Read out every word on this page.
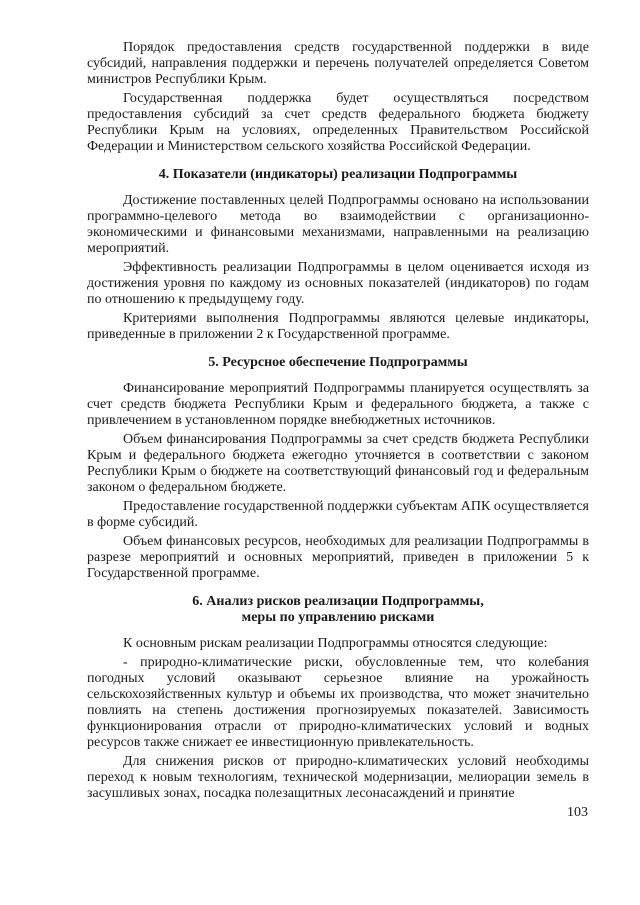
Порядок предоставления средств государственной поддержки в виде субсидий, направления поддержки и перечень получателей определяется Советом министров Республики Крым.

Государственная поддержка будет осуществляться посредством предоставления субсидий за счет средств федерального бюджета бюджету Республики Крым на условиях, определенных Правительством Российской Федерации и Министерством сельского хозяйства Российской Федерации.

4. Показатели (индикаторы) реализации Подпрограммы

Достижение поставленных целей Подпрограммы основано на использовании программно-целевого метода во взаимодействии с организационно-экономическими и финансовыми механизмами, направленными на реализацию мероприятий.

Эффективность реализации Подпрограммы в целом оценивается исходя из достижения уровня по каждому из основных показателей (индикаторов) по годам по отношению к предыдущему году.

Критериями выполнения Подпрограммы являются целевые индикаторы, приведенные в приложении 2 к Государственной программе.

5. Ресурсное обеспечение Подпрограммы

Финансирование мероприятий Подпрограммы планируется осуществлять за счет средств бюджета Республики Крым и федерального бюджета, а также с привлечением в установленном порядке внебюджетных источников.

Объем финансирования Подпрограммы за счет средств бюджета Республики Крым и федерального бюджета ежегодно уточняется в соответствии с законом Республики Крым о бюджете на соответствующий финансовый год и федеральным законом о федеральном бюджете.

Предоставление государственной поддержки субъектам АПК осуществляется в форме субсидий.

Объем финансовых ресурсов, необходимых для реализации Подпрограммы в разрезе мероприятий и основных мероприятий, приведен в приложении 5 к Государственной программе.

6. Анализ рисков реализации Подпрограммы,
меры по управлению рисками

К основным рискам реализации Подпрограммы относятся следующие:

- природно-климатические риски, обусловленные тем, что колебания погодных условий оказывают серьезное влияние на урожайность сельскохозяйственных культур и объемы их производства, что может значительно повлиять на степень достижения прогнозируемых показателей. Зависимость функционирования отрасли от природно-климатических условий и водных ресурсов также снижает ее инвестиционную привлекательность.

Для снижения рисков от природно-климатических условий необходимы переход к новым технологиям, технической модернизации, мелиорации земель в засушливых зонах, посадка полезащитных лесонасаждений и принятие

103
